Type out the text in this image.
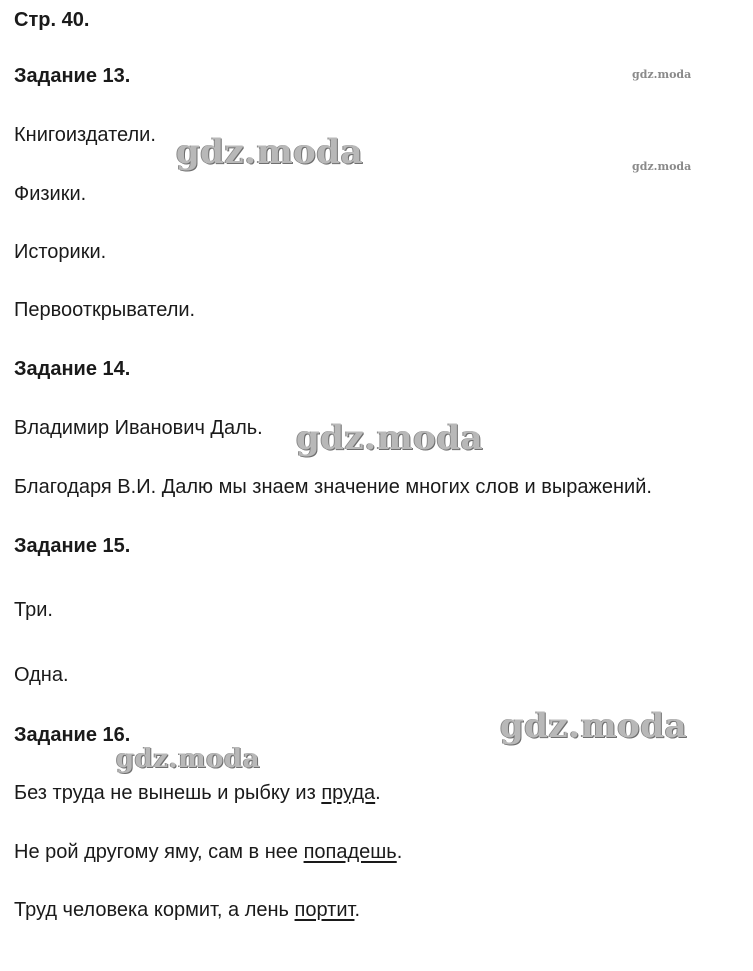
Стр. 40.
Задание 13.
Книгоиздатели.
Физики.
Историки.
Первооткрыватели.
Задание 14.
Владимир Иванович Даль.
Благодаря В.И. Далю мы знаем значение многих слов и выражений.
Задание 15.
Три.
Одна.
Задание 16.
Без труда не вынешь и рыбку из пруда.
Не рой другому яму, сам в нее попадешь.
Труд человека кормит, а лень портит.
gdz.moda
gdz.moda
gdz.moda
gdz.moda
gdz.moda
gdz.moda
